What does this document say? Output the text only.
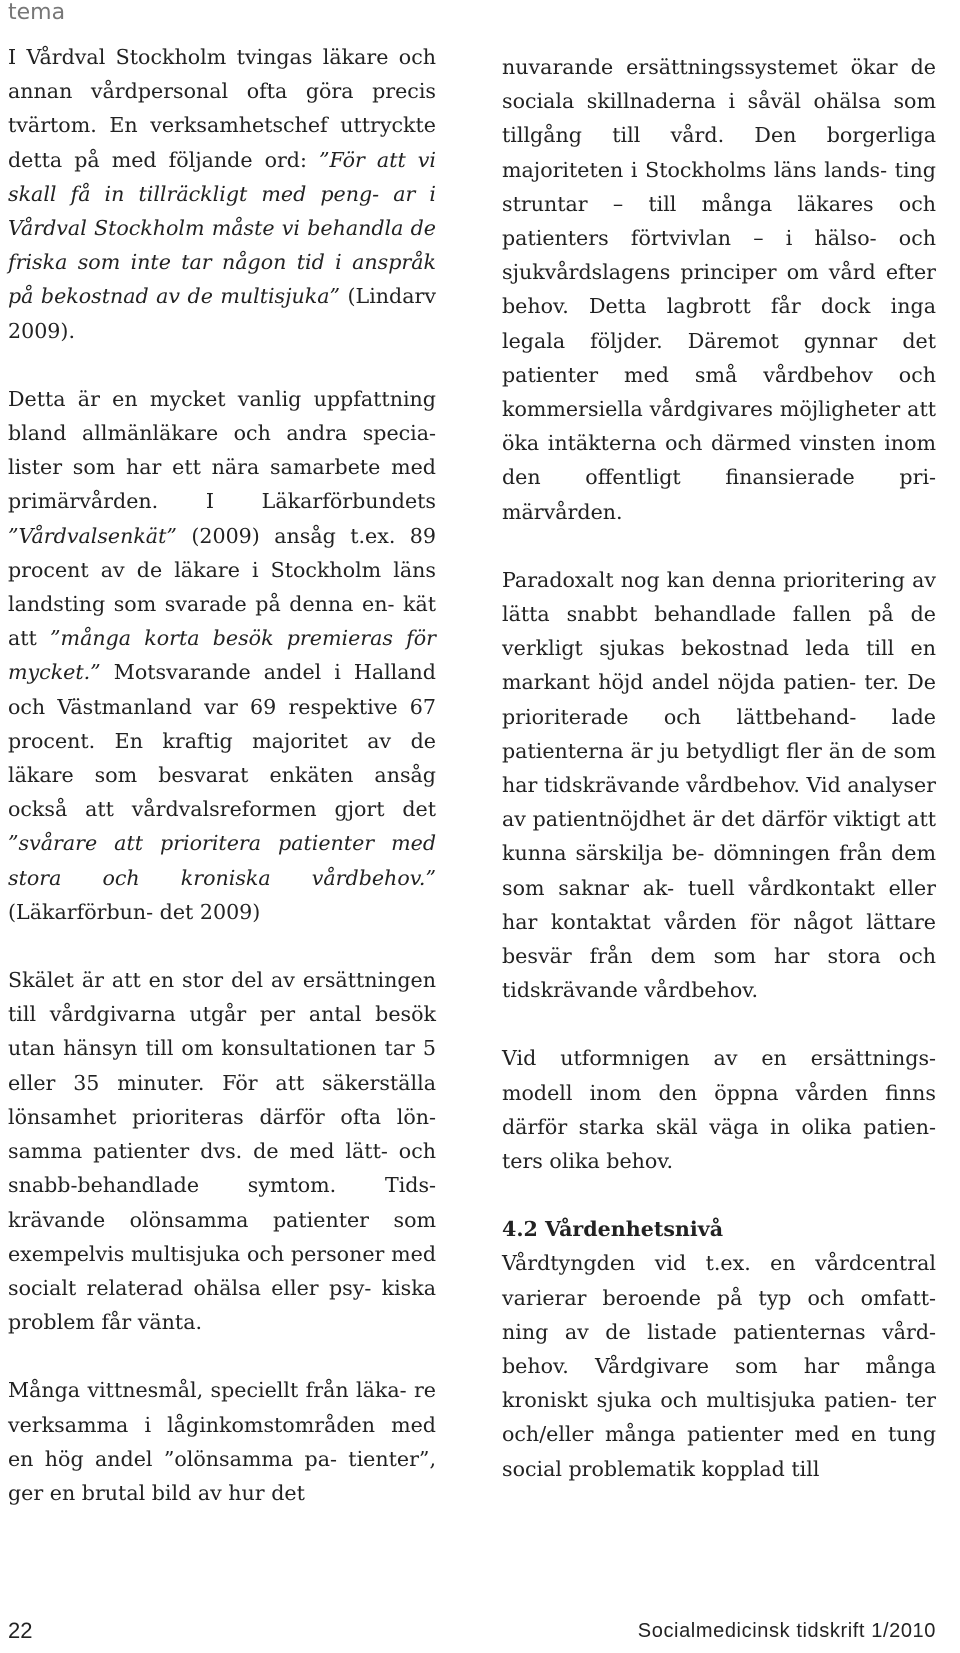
tema

I Vårdval Stockholm tvingas läkare och annan vårdpersonal ofta göra precis tvärtom. En verksamhetschef uttryckte detta på med följande ord: ”För att vi skall få in tillräckligt med peng- ar i Vårdval Stockholm måste vi behandla de friska som inte tar någon tid i anspråk på bekostnad av de multisjuka” (Lindarv 2009).

Detta är en mycket vanlig uppfattning bland allmänläkare och andra specia- lister som har ett nära samarbete med primärvården. I Läkarförbundets ”Vårdvalsenkät” (2009) ansåg t.ex. 89 procent av de läkare i Stockholm läns landsting som svarade på denna en- kät att ”många korta besök premieras för mycket.” Motsvarande andel i Halland och Västmanland var 69 respektive 67 procent. En kraftig majoritet av de läkare som besvarat enkäten ansåg också att vårdvalsreformen gjort det ”svårare att prioritera patienter med stora och kroniska vårdbehov.” (Läkarförbun- det 2009)

Skälet är att en stor del av ersättningen till vårdgivarna utgår per antal besök utan hänsyn till om konsultationen tar 5 eller 35 minuter. För att säkerställa lönsamhet prioriteras därför ofta lön- samma patienter dvs. de med lätt- och snabb-behandlade symtom. Tids- krävande olönsamma patienter som exempelvis multisjuka och personer med socialt relaterad ohälsa eller psy- kiska problem får vänta.

Många vittnesmål, speciellt från läka- re verksamma i låginkomstområden med en hög andel ”olönsamma pa- tienter”, ger en brutal bild av hur det

nuvarande ersättningssystemet ökar de sociala skillnaderna i såväl ohälsa som tillgång till vård. Den borgerliga majoriteten i Stockholms läns lands- ting struntar – till många läkares och patienters förtvivlan – i hälso- och sjukvårdslagens principer om vård efter behov. Detta lagbrott får dock inga legala följder. Däremot gynnar det patienter med små vårdbehov och kommersiella vårdgivares möjligheter att öka intäkterna och därmed vinsten inom den offentligt finansierade pri- märvården.

Paradoxalt nog kan denna prioritering av lätta snabbt behandlade fallen på de verkligt sjukas bekostnad leda till en markant höjd andel nöjda patien- ter. De prioriterade och lättbehand- lade patienterna är ju betydligt fler än de som har tidskrävande vårdbehov. Vid analyser av patientnöjdhet är det därför viktigt att kunna särskilja be- dömningen från dem som saknar ak- tuell vårdkontakt eller har kontaktat vården för något lättare besvär från dem som har stora och tidskrävande vårdbehov.

Vid utformnigen av en ersättnings- modell inom den öppna vården finns därför starka skäl väga in olika patien- ters olika behov.

4.2 Vårdenhetsnivå

Vårdtyngden vid t.ex. en vårdcentral varierar beroende på typ och omfatt- ning av de listade patienternas vård- behov. Vårdgivare som har många kroniskt sjuka och multisjuka patien- ter och/eller många patienter med en tung social problematik kopplad till

22	Socialmedicinsk tidskrift 1/2010
